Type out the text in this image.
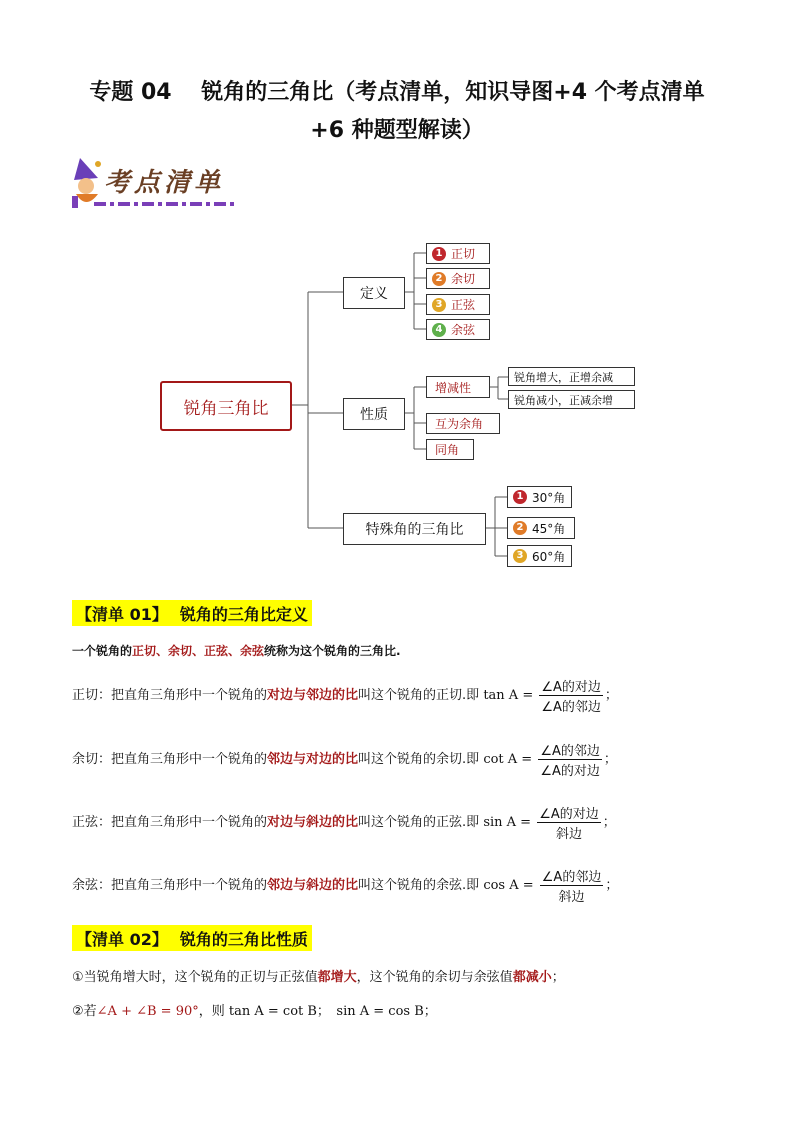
专题 04　 锐角的三角比（考点清单，知识导图+4 个考点清单
+6 种题型解读）
考点清单
锐角三角比
定义
性质
特殊角的三角比
1 正切
2 余切
3 正弦
4 余弦
增减性
锐角增大，正增余减
锐角减小，正减余增
互为余角
同角
1 30°角
2 45°角
3 60°角
【清单 01】 锐角的三角比定义
一个锐角的正切、余切、正弦、余弦统称为这个锐角的三角比.
正切：把直角三角形中一个锐角的对边与邻边的比叫这个锐角的正切.即 $\tan A = \frac{\text{∠A的对边}}{\text{∠A的邻边}}$ ；
余切：把直角三角形中一个锐角的邻边与对边的比叫这个锐角的余切.即 $\cot A = \frac{\text{∠A的邻边}}{\text{∠A的对边}}$ ；
正弦：把直角三角形中一个锐角的对边与斜边的比叫这个锐角的正弦.即 $\sin A = \frac{\text{∠A的对边}}{\text{斜边}}$ ；
余弦：把直角三角形中一个锐角的邻边与斜边的比叫这个锐角的余弦.即 $\cos A = \frac{\text{∠A的邻边}}{\text{斜边}}$ ；
【清单 02】 锐角的三角比性质
①当锐角增大时，这个锐角的正切与正弦值都增大，这个锐角的余切与余弦值都减小；
②若∠A + ∠B = 90°，则 tan A = cot B；　sin A = cos B；
